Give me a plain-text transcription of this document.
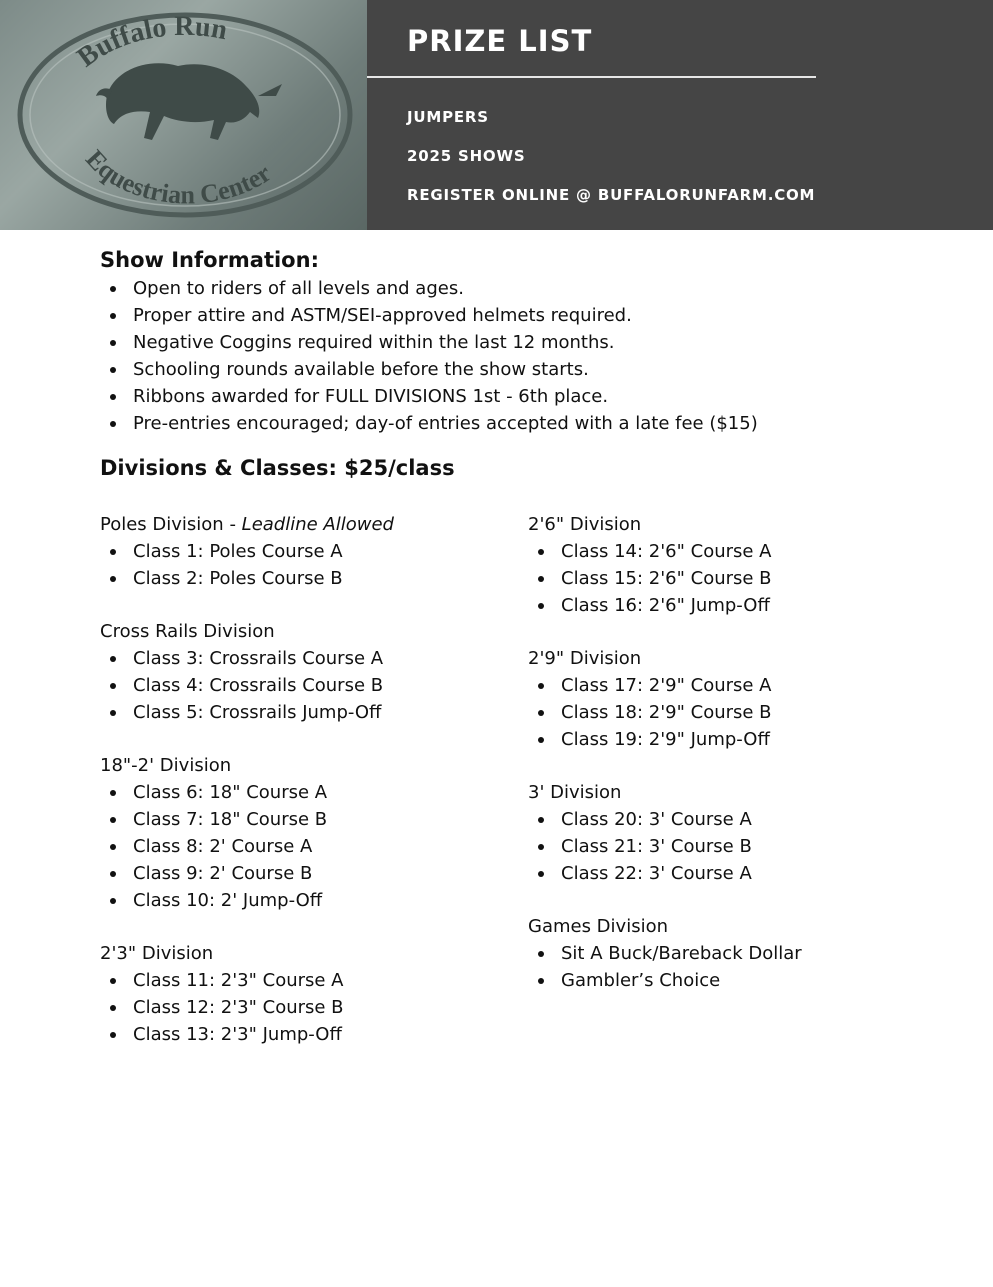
Buffalo Run
Equestrian Center
PRIZE LIST
JUMPERS
2025 SHOWS
REGISTER ONLINE @ BUFFALORUNFARM.COM
Show Information:
Open to riders of all levels and ages.
Proper attire and ASTM/SEI-approved helmets required.
Negative Coggins required within the last 12 months.
Schooling rounds available before the show starts.
Ribbons awarded for FULL DIVISIONS 1st - 6th place.
Pre-entries encouraged; day-of entries accepted with a late fee ($15)
Divisions & Classes: $25/class
Poles Division - Leadline Allowed
Class 1: Poles Course A
Class 2: Poles Course B
Cross Rails Division
Class 3: Crossrails Course A
Class 4: Crossrails Course B
Class 5: Crossrails Jump-Off
18"-2' Division
Class 6: 18" Course A
Class 7: 18" Course B
Class 8: 2' Course A
Class 9: 2' Course B
Class 10: 2' Jump-Off
2'3" Division
Class 11: 2'3" Course A
Class 12: 2'3" Course B
Class 13: 2'3" Jump-Off
2'6" Division
Class 14: 2'6" Course A
Class 15: 2'6" Course B
Class 16: 2'6" Jump-Off
2'9" Division
Class 17: 2'9" Course A
Class 18: 2'9" Course B
Class 19: 2'9" Jump-Off
3' Division
Class 20: 3' Course A
Class 21: 3' Course B
Class 22: 3' Course A
Games Division
Sit A Buck/Bareback Dollar
Gambler’s Choice
